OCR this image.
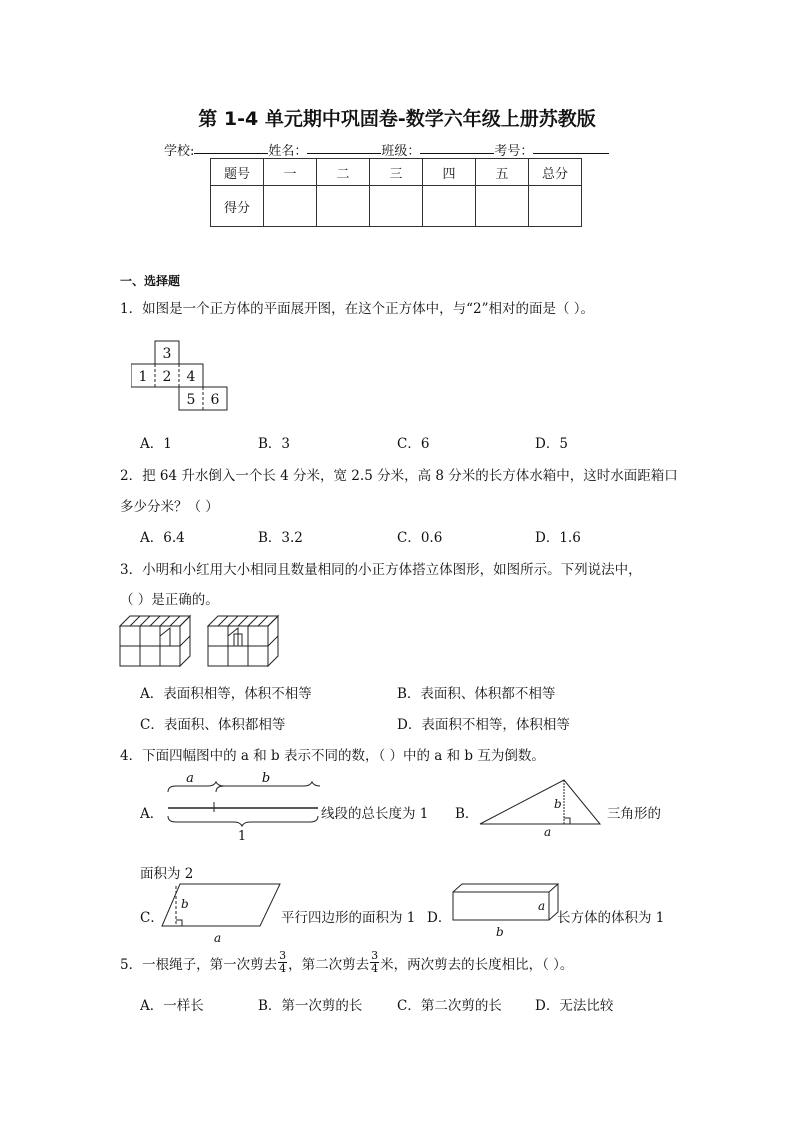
第 1-4 单元期中巩固卷-数学六年级上册苏教版
学校:	姓名：	班级：	考号：
题号	一	二	三	四	五	总分
得分						
一、选择题
1．如图是一个正方体的平面展开图，在这个正方体中，与“2”相对的面是（ ）。
3
1 2 4
5 6
A．1	B．3	C．6	D．5
2．把 64 升水倒入一个长 4 分米，宽 2.5 分米，高 8 分米的长方体水箱中，这时水面距箱口
多少分米？（ ）
A．6.4	B．3.2	C．0.6	D．1.6
3．小明和小红用大小相同且数量相同的小正方体搭立体图形，如图所示。下列说法中，
（ ）是正确的。
A．表面积相等，体积不相等	B．表面积、体积都不相等
C．表面积、体积都相等	D．表面积不相等，体积相等
4．下面四幅图中的 a 和 b 表示不同的数，（ ）中的 a 和 b 互为倒数。
A．
a	b
1
线段的总长度为 1 B．
b
a
三角形的
面积为 2
C．
b
a
平行四边形的面积为 1 D．
a
b
长方体的体积为 1
5．一根绳子，第一次剪去 $\frac{3}{4}$ ，第二次剪去 $\frac{3}{4}$ 米，两次剪去的长度相比，（ ）。
A．一样长	B．第一次剪的长	C．第二次剪的长 D．无法比较
